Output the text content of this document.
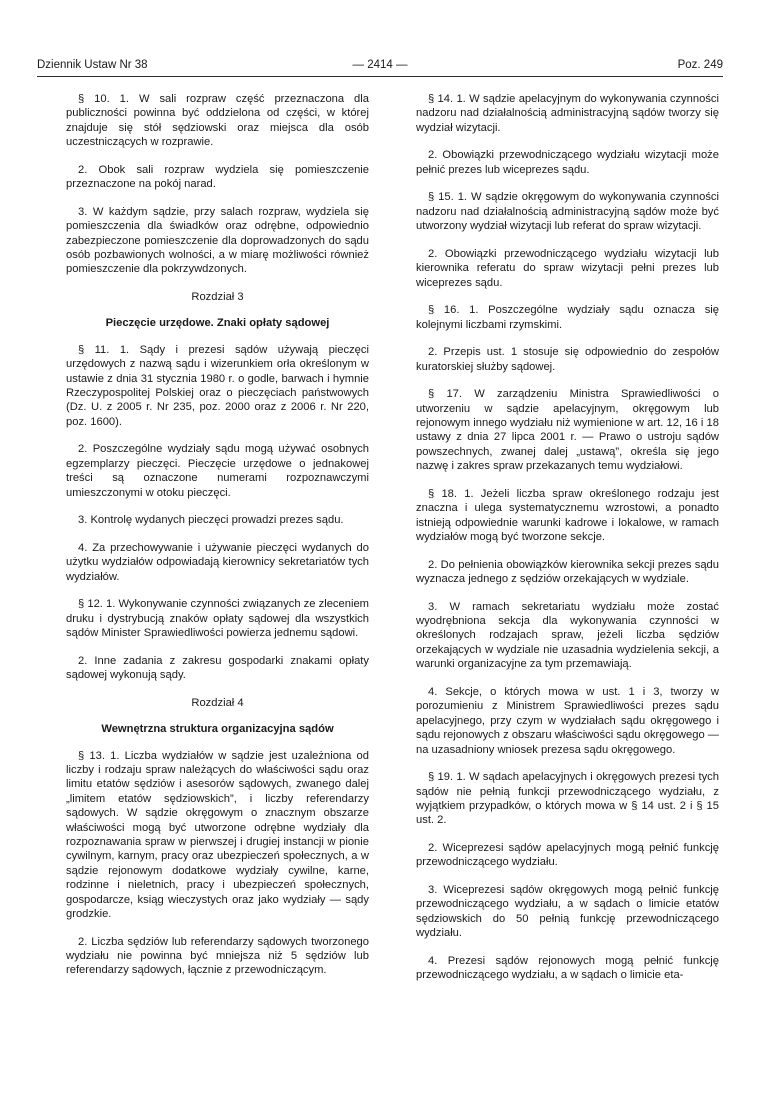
Dziennik Ustaw Nr 38	— 2414 —	Poz. 249

§ 10. 1. W sali rozpraw część przeznaczona dla publiczności powinna być oddzielona od części, w której znajduje się stół sędziowski oraz miejsca dla osób uczestniczących w rozprawie.

2. Obok sali rozpraw wydziela się pomieszczenie przeznaczone na pokój narad.

3. W każdym sądzie, przy salach rozpraw, wydziela się pomieszczenia dla świadków oraz odrębne, odpowiednio zabezpieczone pomieszczenie dla doprowadzonych do sądu osób pozbawionych wolności, a w miarę możliwości również pomieszczenie dla pokrzywdzonych.

Rozdział 3

Pieczęcie urzędowe. Znaki opłaty sądowej

§ 11. 1. Sądy i prezesi sądów używają pieczęci urzędowych z nazwą sądu i wizerunkiem orła określonym w ustawie z dnia 31 stycznia 1980 r. o godle, barwach i hymnie Rzeczypospolitej Polskiej oraz o pieczęciach państwowych (Dz. U. z 2005 r. Nr 235, poz. 2000 oraz z 2006 r. Nr 220, poz. 1600).

2. Poszczególne wydziały sądu mogą używać osobnych egzemplarzy pieczęci. Pieczęcie urzędowe o jednakowej treści są oznaczone numerami rozpoznawczymi umieszczonymi w otoku pieczęci.

3. Kontrolę wydanych pieczęci prowadzi prezes sądu.

4. Za przechowywanie i używanie pieczęci wydanych do użytku wydziałów odpowiadają kierownicy sekretariatów tych wydziałów.

§ 12. 1. Wykonywanie czynności związanych ze zleceniem druku i dystrybucją znaków opłaty sądowej dla wszystkich sądów Minister Sprawiedliwości powierza jednemu sądowi.

2. Inne zadania z zakresu gospodarki znakami opłaty sądowej wykonują sądy.

Rozdział 4

Wewnętrzna struktura organizacyjna sądów

§ 13. 1. Liczba wydziałów w sądzie jest uzależniona od liczby i rodzaju spraw należących do właściwości sądu oraz limitu etatów sędziów i asesorów sądowych, zwanego dalej „limitem etatów sędziowskich”, i liczby referendarzy sądowych. W sądzie okręgowym o znacznym obszarze właściwości mogą być utworzone odrębne wydziały dla rozpoznawania spraw w pierwszej i drugiej instancji w pionie cywilnym, karnym, pracy oraz ubezpieczeń społecznych, a w sądzie rejonowym dodatkowe wydziały cywilne, karne, rodzinne i nieletnich, pracy i ubezpieczeń społecznych, gospodarcze, ksiąg wieczystych oraz jako wydziały — sądy grodzkie.

2. Liczba sędziów lub referendarzy sądowych tworzonego wydziału nie powinna być mniejsza niż 5 sędziów lub referendarzy sądowych, łącznie z przewodniczącym.

§ 14. 1. W sądzie apelacyjnym do wykonywania czynności nadzoru nad działalnością administracyjną sądów tworzy się wydział wizytacji.

2. Obowiązki przewodniczącego wydziału wizytacji może pełnić prezes lub wiceprezes sądu.

§ 15. 1. W sądzie okręgowym do wykonywania czynności nadzoru nad działalnością administracyjną sądów może być utworzony wydział wizytacji lub referat do spraw wizytacji.

2. Obowiązki przewodniczącego wydziału wizytacji lub kierownika referatu do spraw wizytacji pełni prezes lub wiceprezes sądu.

§ 16. 1. Poszczególne wydziały sądu oznacza się kolejnymi liczbami rzymskimi.

2. Przepis ust. 1 stosuje się odpowiednio do zespołów kuratorskiej służby sądowej.

§ 17. W zarządzeniu Ministra Sprawiedliwości o utworzeniu w sądzie apelacyjnym, okręgowym lub rejonowym innego wydziału niż wymienione w art. 12, 16 i 18 ustawy z dnia 27 lipca 2001 r. — Prawo o ustroju sądów powszechnych, zwanej dalej „ustawą”, określa się jego nazwę i zakres spraw przekazanych temu wydziałowi.

§ 18. 1. Jeżeli liczba spraw określonego rodzaju jest znaczna i ulega systematycznemu wzrostowi, a ponadto istnieją odpowiednie warunki kadrowe i lokalowe, w ramach wydziałów mogą być tworzone sekcje.

2. Do pełnienia obowiązków kierownika sekcji prezes sądu wyznacza jednego z sędziów orzekających w wydziale.

3. W ramach sekretariatu wydziału może zostać wyodrębniona sekcja dla wykonywania czynności w określonych rodzajach spraw, jeżeli liczba sędziów orzekających w wydziale nie uzasadnia wydzielenia sekcji, a warunki organizacyjne za tym przemawiają.

4. Sekcje, o których mowa w ust. 1 i 3, tworzy w porozumieniu z Ministrem Sprawiedliwości prezes sądu apelacyjnego, przy czym w wydziałach sądu okręgowego i sądu rejonowych z obszaru właściwości sądu okręgowego — na uzasadniony wniosek prezesa sądu okręgowego.

§ 19. 1. W sądach apelacyjnych i okręgowych prezesi tych sądów nie pełnią funkcji przewodniczącego wydziału, z wyjątkiem przypadków, o których mowa w § 14 ust. 2 i § 15 ust. 2.

2. Wiceprezesi sądów apelacyjnych mogą pełnić funkcję przewodniczącego wydziału.

3. Wiceprezesi sądów okręgowych mogą pełnić funkcję przewodniczącego wydziału, a w sądach o limicie etatów sędziowskich do 50 pełnią funkcję przewodniczącego wydziału.

4. Prezesi sądów rejonowych mogą pełnić funkcję przewodniczącego wydziału, a w sądach o limicie eta-
